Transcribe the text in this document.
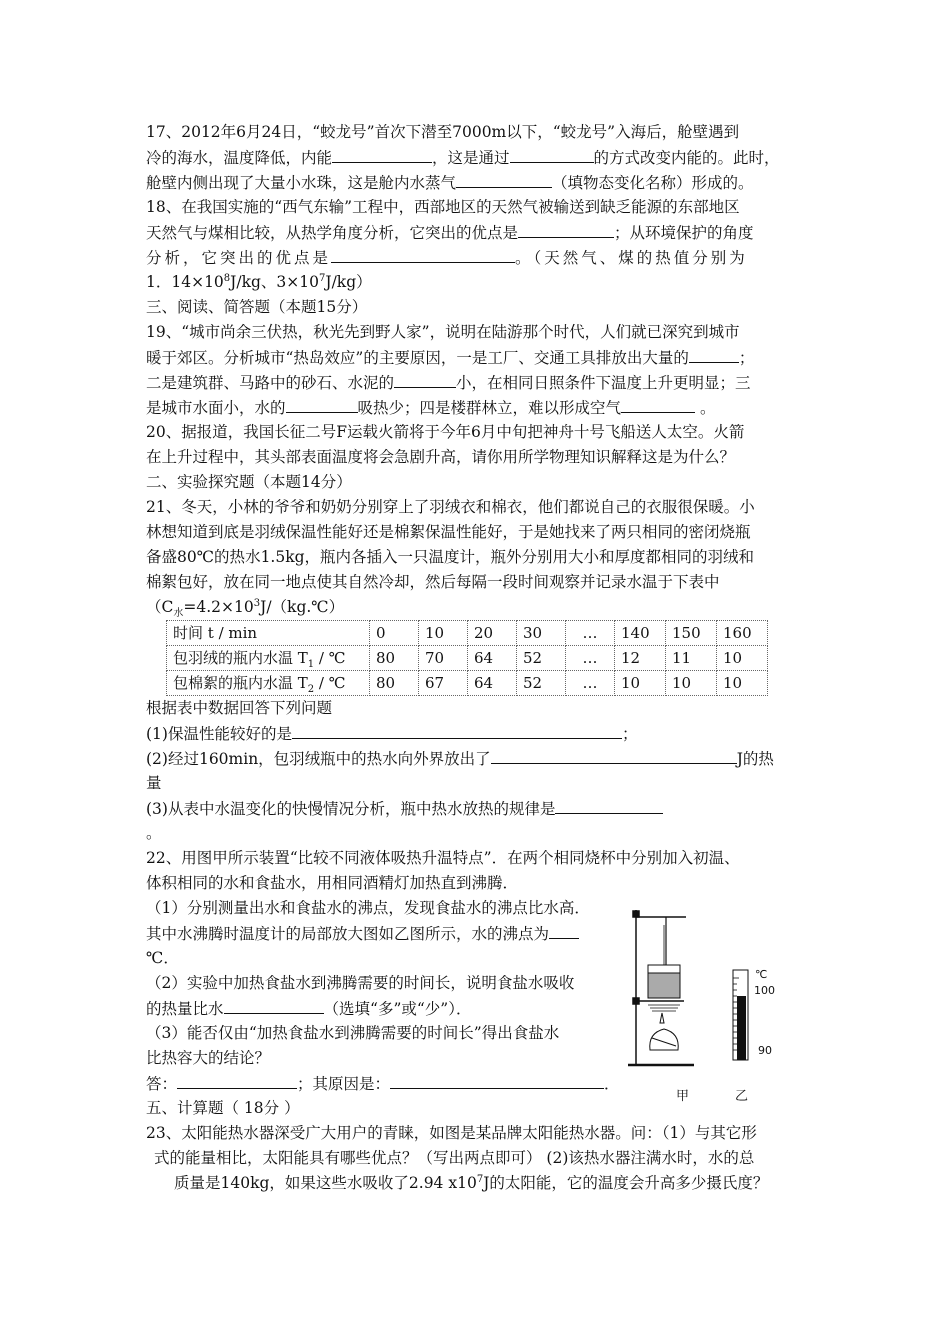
17、2012年6月24日，“蛟龙号”首次下潜至7000m以下，“蛟龙号”入海后，舱壁遇到
冷的海水，温度降低，内能	，这是通过	的方式改变内能的。此时，
舱壁内侧出现了大量小水珠，这是舱内水蒸气	（填物态变化名称）形成的。
18、在我国实施的“西气东输”工程中，西部地区的天然气被输送到缺乏能源的东部地区
天然气与煤相比较，从热学角度分析，它突出的优点是	；从环境保护的角度
分析，它突出的优点是	。（天然气、煤的热值分别为
1．$14\times 10^8J/kg$、$3\times 10^7J/kg$）
三、阅读、简答题（本题15分）
19、“城市尚余三伏热，秋光先到野人家”，说明在陆游那个时代，人们就已深究到城市
暖于郊区。分析城市“热岛效应”的主要原因，一是工厂、交通工具排放出大量的	；
二是建筑群、马路中的砂石、水泥的	小，在相同日照条件下温度上升更明显；三
是城市水面小，水的	吸热少；四是楼群林立，难以形成空气	。
20、据报道，我国长征二号F运载火箭将于今年6月中旬把神舟十号飞船送人太空。火箭
在上升过程中，其头部表面温度将会急剧升高，请你用所学物理知识解释这是为什么？
二、实验探究题（本题14分）
21、冬天，小林的爷爷和奶奶分别穿上了羽绒衣和棉衣，他们都说自己的衣服很保暖。小
林想知道到底是羽绒保温性能好还是棉絮保温性能好，于是她找来了两只相同的密闭烧瓶
备盛80℃的热水1.5kg，瓶内各插入一只温度计，瓶外分别用大小和厚度都相同的羽绒和
棉絮包好，放在同一地点使其自然冷却，然后每隔一段时间观察并记录水温于下表中
（$C_水=4.2\times 10^3J/(kg.℃)$
时间 t / min	0	10	20	30	…	140	150	160
包羽绒的瓶内水温 $T_1$ / ℃	80	70	64	52	…	12	11	10
包棉絮的瓶内水温 $T_2$ / ℃	80	67	64	52	…	10	10	10
根据表中数据回答下列问题
(1)保温性能较好的是	；
(2)经过160min，包羽绒瓶中的热水向外界放出了	J的热
量
(3)从表中水温变化的快慢情况分析，瓶中热水放热的规律是
。
22、用图甲所示装置“比较不同液体吸热升温特点”．在两个相同烧杯中分别加入初温、
体积相同的水和食盐水，用相同酒精灯加热直到沸腾．
（1）分别测量出水和食盐水的沸点，发现食盐水的沸点比水高．
其中水沸腾时温度计的局部放大图如乙图所示，水的沸点为
℃．
（2）实验中加热食盐水到沸腾需要的时间长，说明食盐水吸收
的热量比水	（选填“多”或“少”）．
（3）能否仅由“加热食盐水到沸腾需要的时间长”得出食盐水
比热容大的结论？
答：	；其原因是：	．
五、计算题（ 18分 ）
23、太阳能热水器深受广大用户的青睐，如图是某品牌太阳能热水器。问：（1）与其它形
式的能量相比，太阳能具有哪些优点？（写出两点即可） (2)该热水器注满水时，水的总
质量是140kg，如果这些水吸收了2.94 $x10^7J$的太阳能，它的温度会升高多少摄氏度？
甲
℃
100
90
乙
